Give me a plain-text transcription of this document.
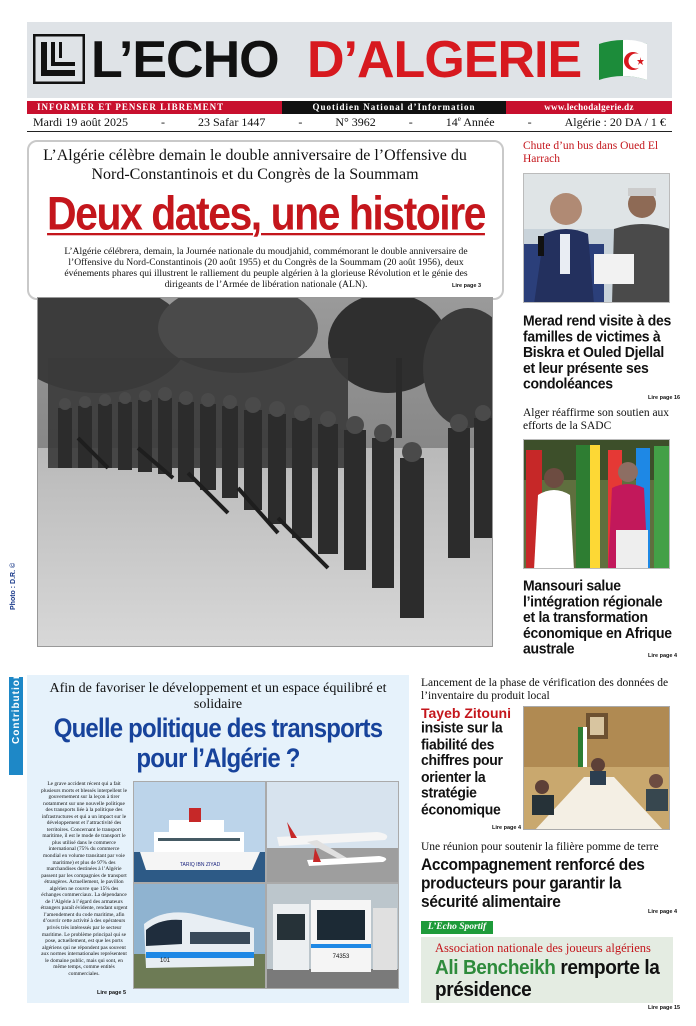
L’ECHO D’ALGERIE
INFORMER ET PENSER LIBREMENT	Quotidien National d’Information	www.lechodalgerie.dz
Mardi 19 août 2025	-	23 Safar 1447	-	N° 3962	-	14e Année	-	Algérie : 20 DA / 1 €
L’Algérie célèbre demain le double anniversaire de l’Offensive du Nord-Constantinois et du Congrès de la Soummam
Deux dates, une histoire
L’Algérie célébrera, demain, la Journée nationale du moudjahid, commémorant le double anniversaire de l’Offensive du Nord-Constantinois (20 août 1955) et du Congrès de la Soummam (20 août 1956), deux événements phares qui illustrent le ralliement du peuple algérien à la glorieuse Révolution et le génie des dirigeants de l’Armée de libération nationale (ALN).	Lire page 3
Photo : D.R. ©
Chute d’un bus dans Oued El Harrach
Merad rend visite à des familles de victimes à Biskra et Ouled Djellal et leur présente ses condoléances
Lire page 16
Alger réaffirme son soutien aux efforts de la SADC
Mansouri salue l’intégration régionale et la transformation économique en Afrique australe	Lire page 4
Contribution	Afin de favoriser le développement et un espace équilibré et solidaire
Quelle politique des transports pour l’Algérie ?
Le grave accident récent qui a fait plusieurs morts et blessés interpellent le gouvernement sur la leçon à tirer notamment sur une nouvelle politique des transports liée à la politique des infrastructures et qui a un impact sur le développement et l’attractivité des territoires. Concernant le transport maritime, il est le mode de transport le plus utilisé dans le commerce international (75% du commerce mondial en volume transitant par voie maritime) et plus de 97% des marchandises destinées à l’Algérie passent par les compagnies de transport étrangères. Actuellement, le pavillon algérien ne couvre que 15% des échanges commerciaux. La dépendance de l’Algérie à l’égard des armateurs étrangers paraît évidente, rendant urgent l’amendement du code maritime, afin d’ouvrir cette activité à des opérateurs privés très intéressés par le secteur maritime. Le problème principal qui se pose, actuellement, est que les ports algériens qui ne répondent pas souvent aux normes internationales représentent le domaine public, mais qui sont, en même temps, comme entités commerciales.
Lire page 5
TARIQ IBN ZIYAD
101
74353
Lancement de la phase de vérification des données de l’inventaire du produit local
Tayeb Zitouni
insiste sur la fiabilité des chiffres pour orienter la stratégie économique
Lire page 4
Une réunion pour soutenir la filière pomme de terre
Accompagnement renforcé des producteurs pour garantir la sécurité alimentaire
Lire page 4
L’Echo Sportif
Association nationale des joueurs algériens
Ali Bencheikh remporte la présidence
Lire page 15
